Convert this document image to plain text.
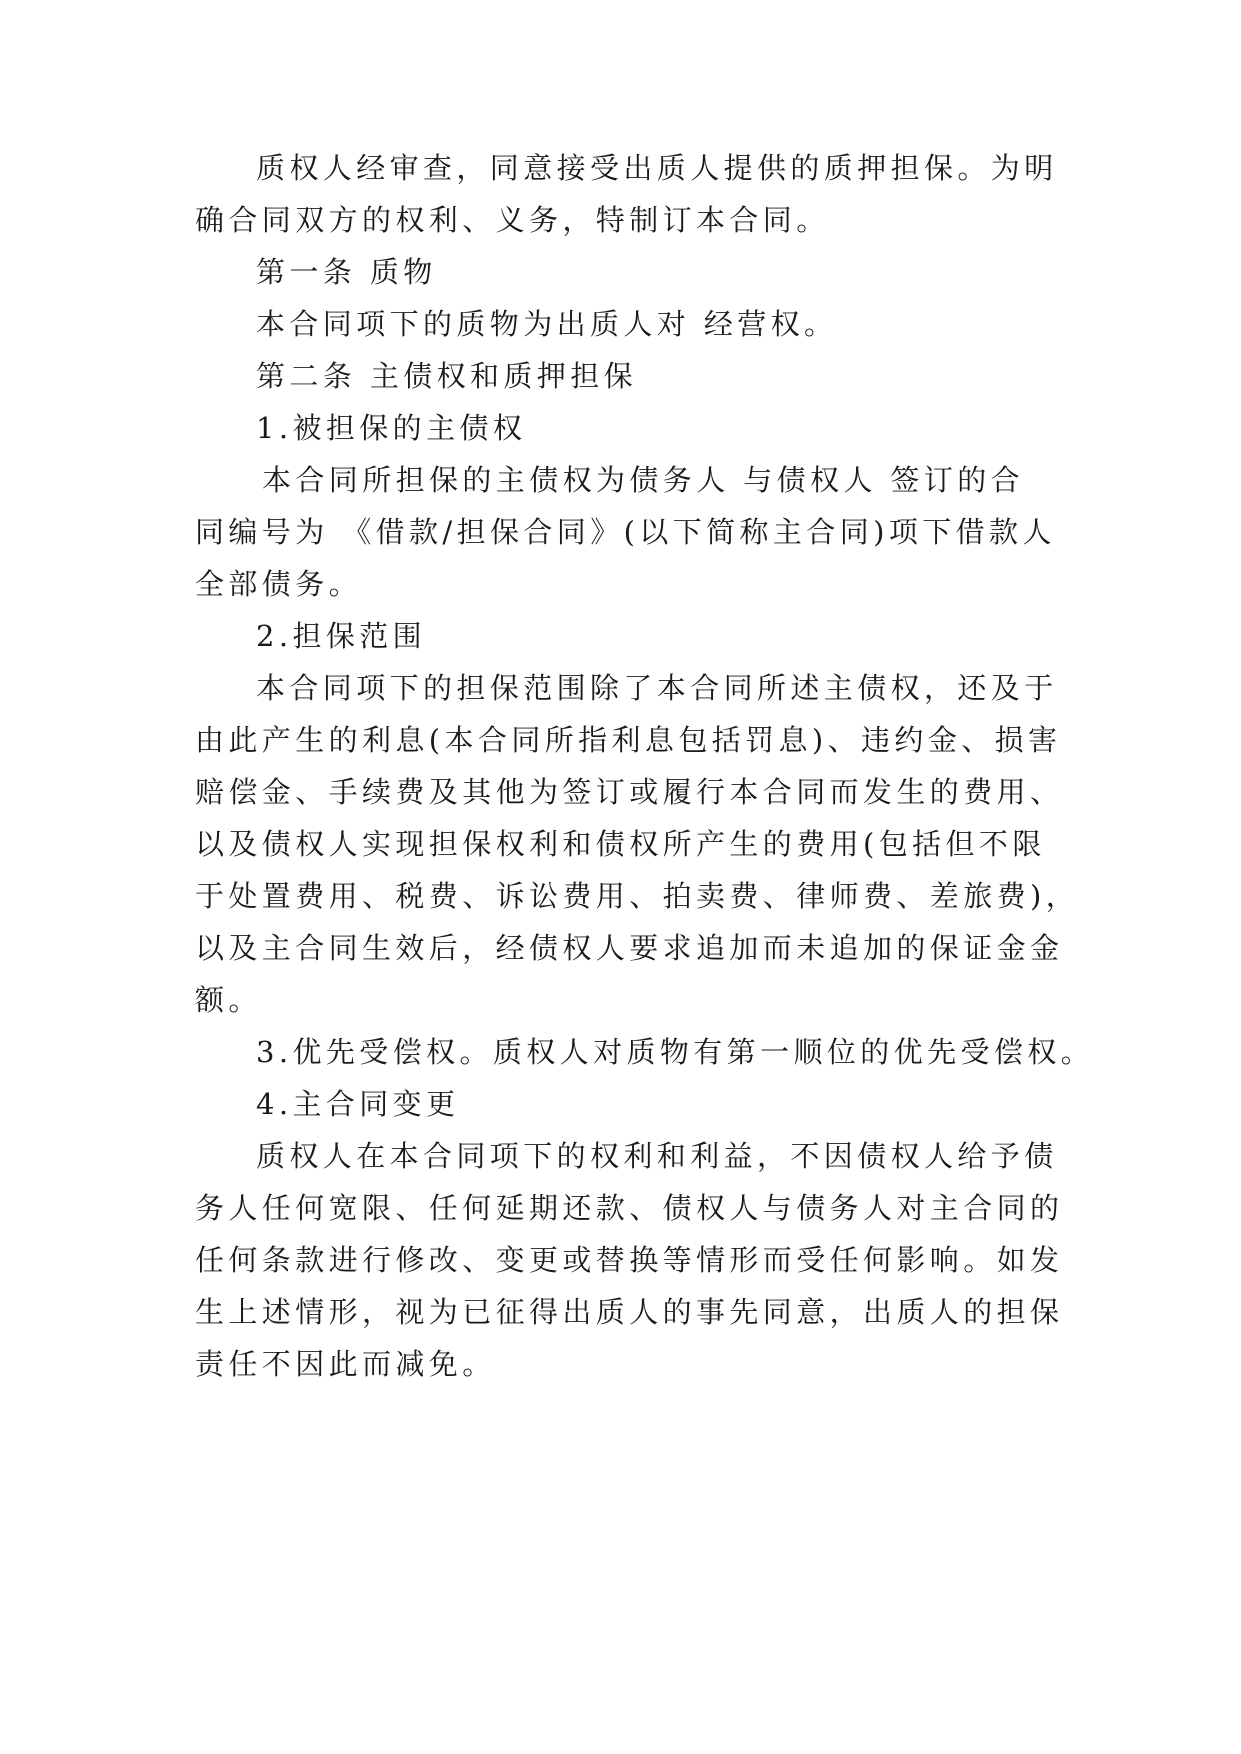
质权人经审查，同意接受出质人提供的质押担保。为明
确合同双方的权利、义务，特制订本合同。
第一条 质物
本合同项下的质物为出质人对 经营权。
第二条 主债权和质押担保
1.被担保的主债权
本合同所担保的主债权为债务人 与债权人 签订的合
同编号为 《借款/担保合同》(以下简称主合同)项下借款人
全部债务。
2.担保范围
本合同项下的担保范围除了本合同所述主债权，还及于
由此产生的利息(本合同所指利息包括罚息)、违约金、损害
赔偿金、手续费及其他为签订或履行本合同而发生的费用、
以及债权人实现担保权利和债权所产生的费用(包括但不限
于处置费用、税费、诉讼费用、拍卖费、律师费、差旅费)，
以及主合同生效后，经债权人要求追加而未追加的保证金金
额。
3.优先受偿权。质权人对质物有第一顺位的优先受偿权。
4.主合同变更
质权人在本合同项下的权利和利益，不因债权人给予债
务人任何宽限、任何延期还款、债权人与债务人对主合同的
任何条款进行修改、变更或替换等情形而受任何影响。如发
生上述情形，视为已征得出质人的事先同意，出质人的担保
责任不因此而减免。
